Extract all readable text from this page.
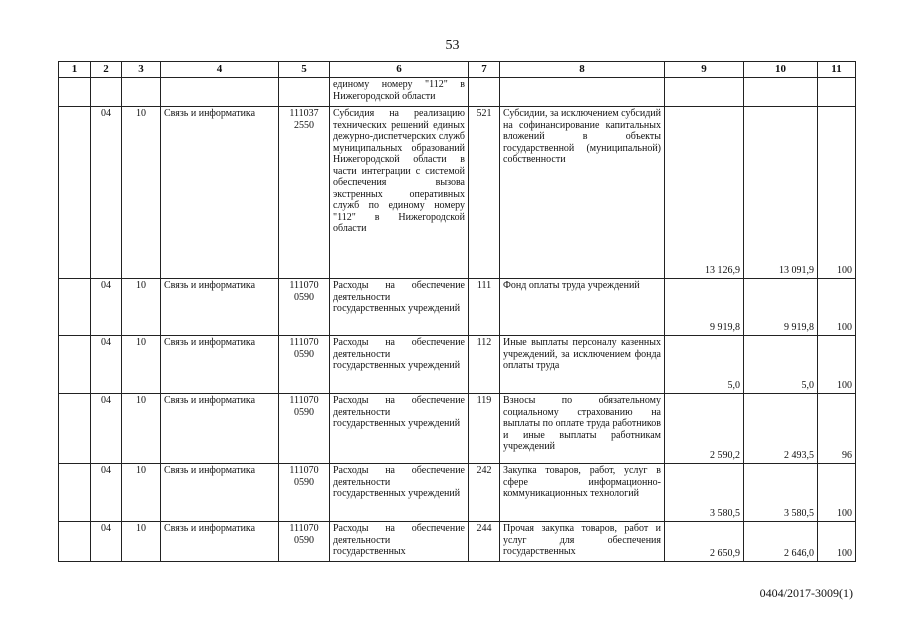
53
1	2	3	4	5	6	7	8	9	10	11
					единому номеру "112" в Нижегородской области					
	04	10	Связь и информатика	111037 2550	Субсидия на реализацию технических решений единых дежурно-диспетчерских служб муниципальных образований Нижегородской области в части интеграции с системой обеспечения вызова экстренных оперативных служб по единому номеру "112" в Нижегородской области	521	Субсидии, за исключением субсидий на софинансирование капитальных вложений в объекты государственной (муниципальной) собственности	13 126,9	13 091,9	100
	04	10	Связь и информатика	111070 0590	Расходы на обеспечение деятельности государственных учреждений	111	Фонд оплаты труда учреждений	9 919,8	9 919,8	100
	04	10	Связь и информатика	111070 0590	Расходы на обеспечение деятельности государственных учреждений	112	Иные выплаты персоналу казенных учреждений, за исключением фонда оплаты труда	5,0	5,0	100
	04	10	Связь и информатика	111070 0590	Расходы на обеспечение деятельности государственных учреждений	119	Взносы по обязательному социальному страхованию на выплаты по оплате труда работников и иные выплаты работникам учреждений	2 590,2	2 493,5	96
	04	10	Связь и информатика	111070 0590	Расходы на обеспечение деятельности государственных учреждений	242	Закупка товаров, работ, услуг в сфере информационно-коммуникационных технологий	3 580,5	3 580,5	100
	04	10	Связь и информатика	111070 0590	Расходы на обеспечение деятельности государственных	244	Прочая закупка товаров, работ и услуг для обеспечения государственных	2 650,9	2 646,0	100
0404/2017-3009(1)
